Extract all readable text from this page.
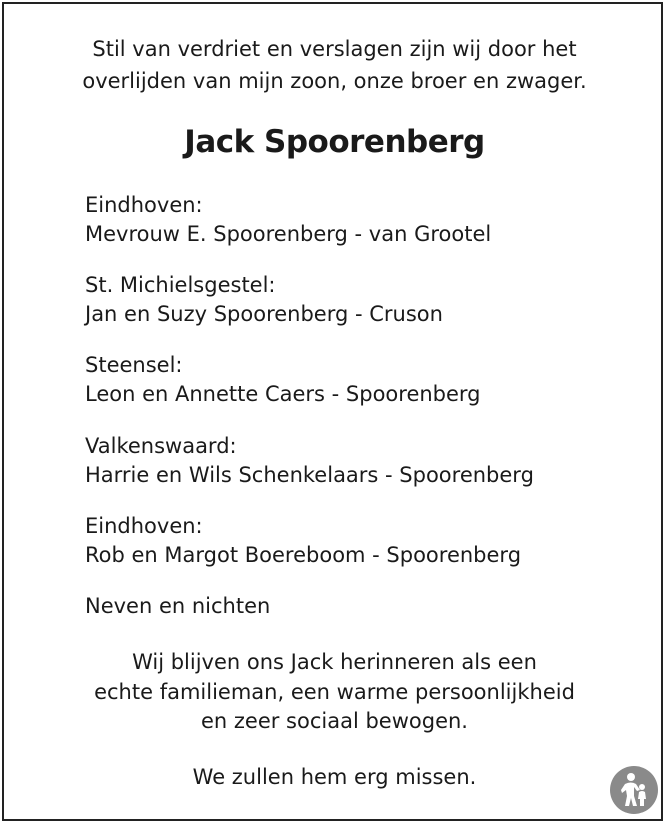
Stil van verdriet en verslagen zijn wij door het
overlijden van mijn zoon, onze broer en zwager.
Jack Spoorenberg
Eindhoven:
Mevrouw E. Spoorenberg - van Grootel
St. Michielsgestel:
Jan en Suzy Spoorenberg - Cruson
Steensel:
Leon en Annette Caers - Spoorenberg
Valkenswaard:
Harrie en Wils Schenkelaars - Spoorenberg
Eindhoven:
Rob en Margot Boereboom - Spoorenberg
Neven en nichten
Wij blijven ons Jack herinneren als een
echte familieman, een warme persoonlijkheid
en zeer sociaal bewogen.
We zullen hem erg missen.
